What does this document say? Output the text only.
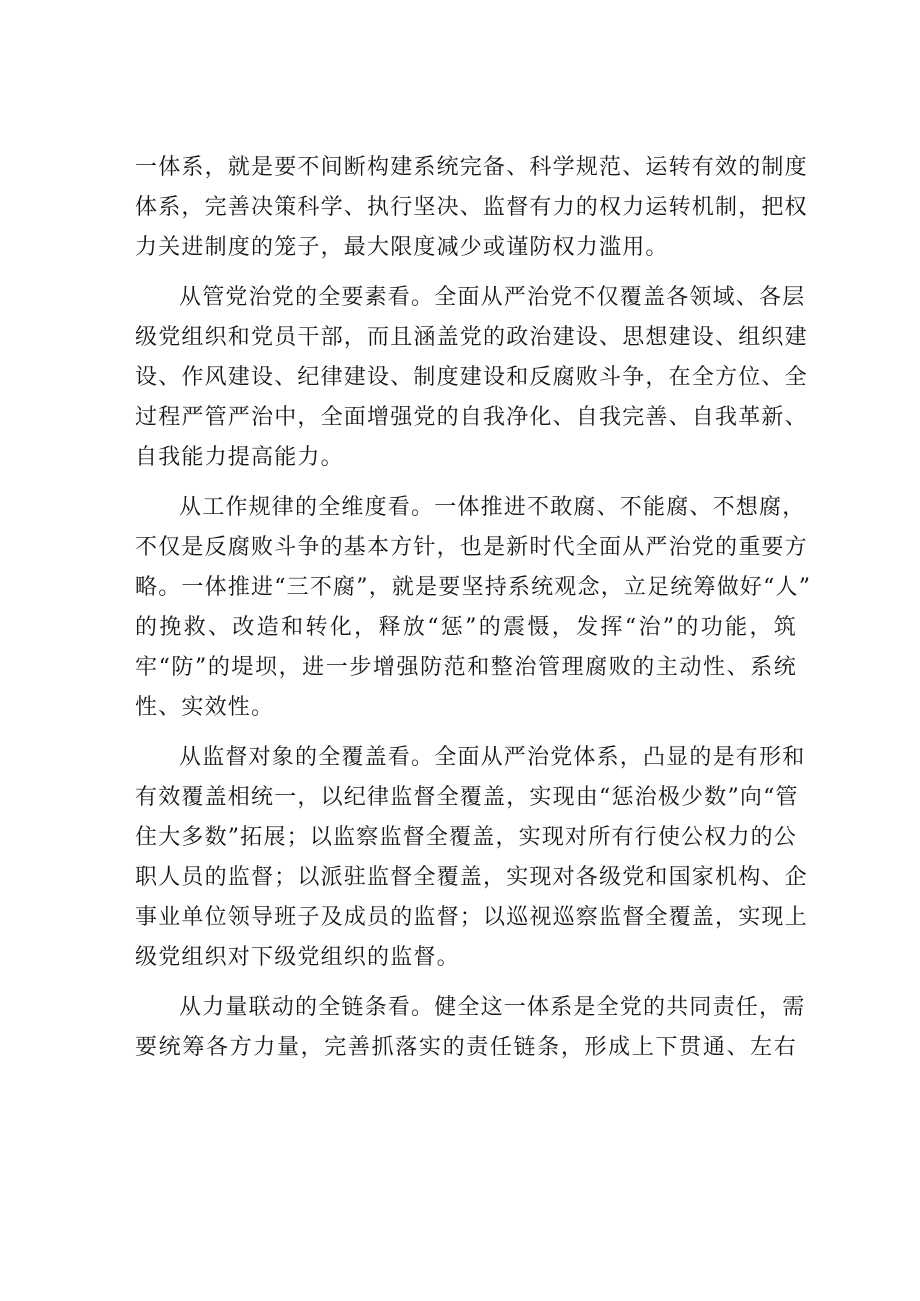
一体系，就是要不间断构建系统完备、科学规范、运转有效的制度
体系，完善决策科学、执行坚决、监督有力的权力运转机制，把权
力关进制度的笼子，最大限度减少或谨防权力滥用。
从管党治党的全要素看。全面从严治党不仅覆盖各领域、各层
级党组织和党员干部，而且涵盖党的政治建设、思想建设、组织建
设、作风建设、纪律建设、制度建设和反腐败斗争，在全方位、全
过程严管严治中，全面增强党的自我净化、自我完善、自我革新、
自我能力提高能力。
从工作规律的全维度看。一体推进不敢腐、不能腐、不想腐，
不仅是反腐败斗争的基本方针，也是新时代全面从严治党的重要方
略。一体推进“三不腐”，就是要坚持系统观念，立足统筹做好“人”
的挽救、改造和转化，释放“惩”的震慑，发挥“治”的功能，筑
牢“防”的堤坝，进一步增强防范和整治管理腐败的主动性、系统
性、实效性。
从监督对象的全覆盖看。全面从严治党体系，凸显的是有形和
有效覆盖相统一，以纪律监督全覆盖，实现由“惩治极少数”向“管
住大多数”拓展；以监察监督全覆盖，实现对所有行使公权力的公
职人员的监督；以派驻监督全覆盖，实现对各级党和国家机构、企
事业单位领导班子及成员的监督；以巡视巡察监督全覆盖，实现上
级党组织对下级党组织的监督。
从力量联动的全链条看。健全这一体系是全党的共同责任，需
要统筹各方力量，完善抓落实的责任链条，形成上下贯通、左右
